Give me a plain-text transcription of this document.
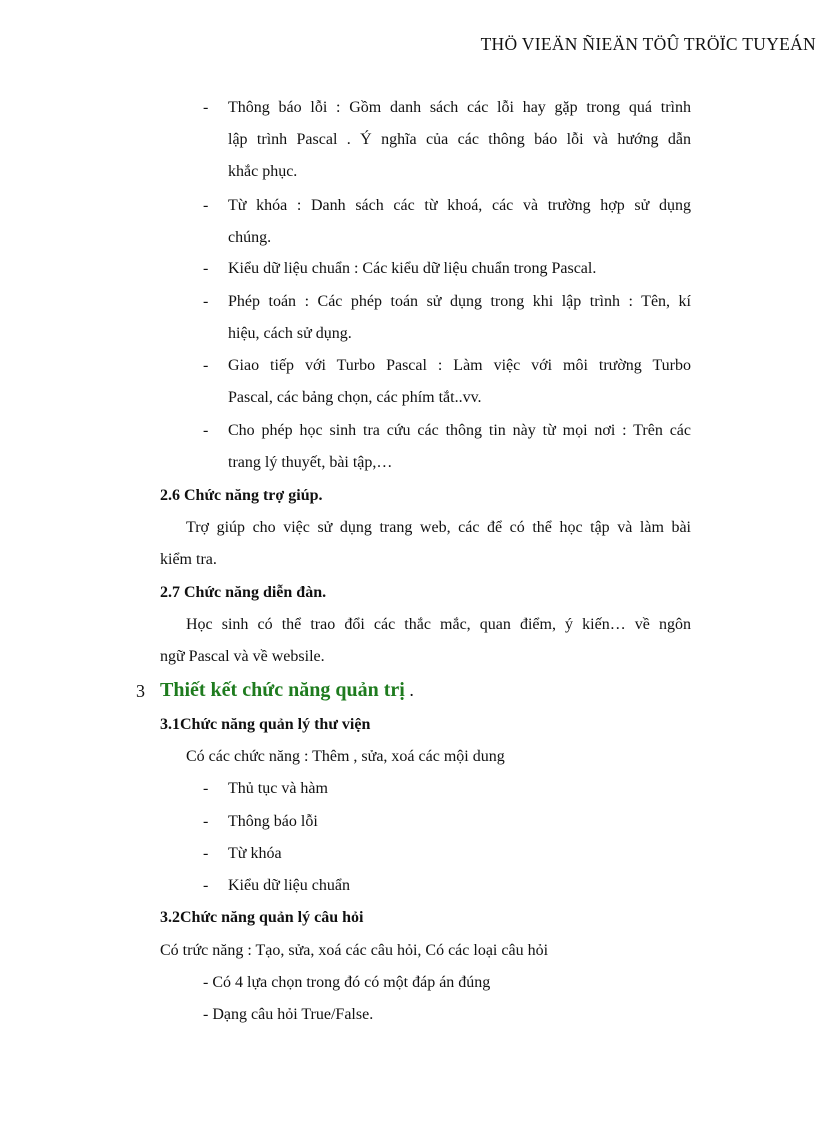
THÖ VIEÄN ÑIEÄN TÖÛ TRÖÏC TUYEÁN
- Thông báo lỗi : Gồm danh sách các lỗi hay gặp trong quá trình
lập trình Pascal . Ý nghĩa của các thông báo lỗi và hướng dẫn
khắc phục.
- Từ khóa : Danh sách các từ khoá, các và trường hợp sử dụng
chúng.
- Kiểu dữ liệu chuẩn : Các kiểu dữ liệu chuẩn trong Pascal.
- Phép toán : Các phép toán sử dụng trong khi lập trình : Tên, kí
hiệu, cách sử dụng.
- Giao tiếp với Turbo Pascal : Làm việc với môi trường Turbo
Pascal, các bảng chọn, các phím tắt..vv.
- Cho phép học sinh tra cứu các thông tin này từ mọi nơi : Trên các
trang lý thuyết, bài tập,…
2.6 Chức năng trợ giúp.
Trợ giúp cho việc sử dụng trang web, các để có thể học tập và làm bài
kiểm tra.
2.7 Chức năng diễn đàn.
Học sinh có thể trao đổi các thắc mắc, quan điểm, ý kiến… về ngôn
ngữ Pascal và về websile.
3 Thiết kết chức năng quản trị .
3.1Chức năng quản lý thư viện
Có các chức năng : Thêm , sửa, xoá các mội dung
- Thủ tục và hàm
- Thông báo lỗi
- Từ khóa
- Kiểu dữ liệu chuẩn
3.2Chức năng quản lý câu hỏi
Có trức năng : Tạo, sửa, xoá các câu hỏi, Có các loại câu hỏi
- Có 4 lựa chọn trong đó có một đáp án đúng
- Dạng câu hỏi True/False.
